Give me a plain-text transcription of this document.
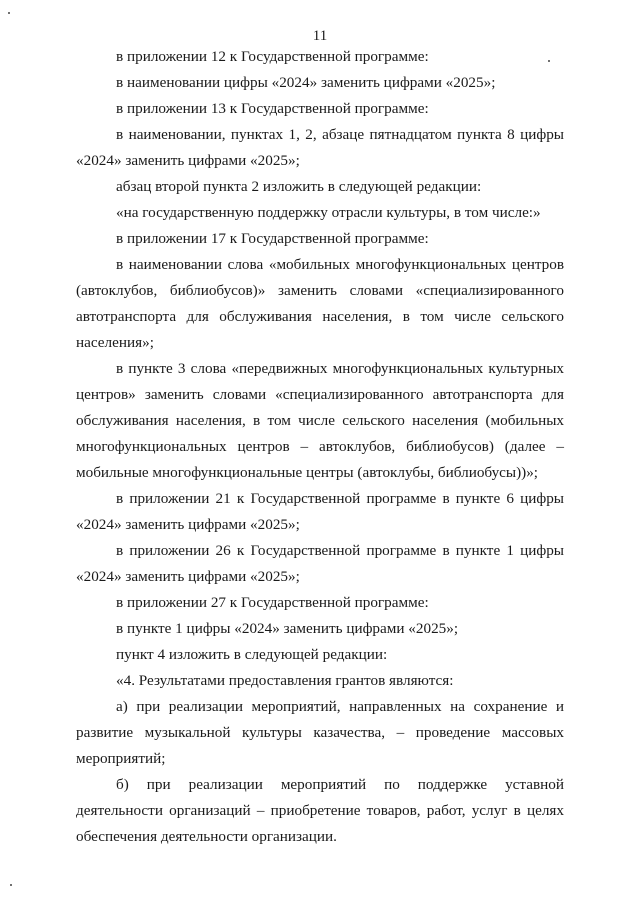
11

в приложении 12 к Государственной программе:

в наименовании цифры «2024» заменить цифрами «2025»;

в приложении 13 к Государственной программе:

в наименовании, пунктах 1, 2, абзаце пятнадцатом пункта 8 цифры «2024» заменить цифрами «2025»;

абзац второй пункта 2 изложить в следующей редакции:

«на государственную поддержку отрасли культуры, в том числе:»

в приложении 17 к Государственной программе:

в наименовании слова «мобильных многофункциональных центров (автоклубов, библиобусов)» заменить словами «специализированного автотранспорта для обслуживания населения, в том числе сельского населения»;

в пункте 3 слова «передвижных многофункциональных культурных центров» заменить словами «специализированного автотранспорта для обслуживания населения, в том числе сельского населения (мобильных многофункциональных центров – автоклубов, библиобусов) (далее – мобильные многофункциональные центры (автоклубы, библиобусы))»;

в приложении 21 к Государственной программе в пункте 6 цифры «2024» заменить цифрами «2025»;

в приложении 26 к Государственной программе в пункте 1 цифры «2024» заменить цифрами «2025»;

в приложении 27 к Государственной программе:

в пункте 1 цифры «2024» заменить цифрами «2025»;

пункт 4 изложить в следующей редакции:

«4. Результатами предоставления грантов являются:

а) при реализации мероприятий, направленных на сохранение и развитие музыкальной культуры казачества, – проведение массовых мероприятий;

б) при реализации мероприятий по поддержке уставной деятельности организаций – приобретение товаров, работ, услуг в целях обеспечения деятельности организации.
